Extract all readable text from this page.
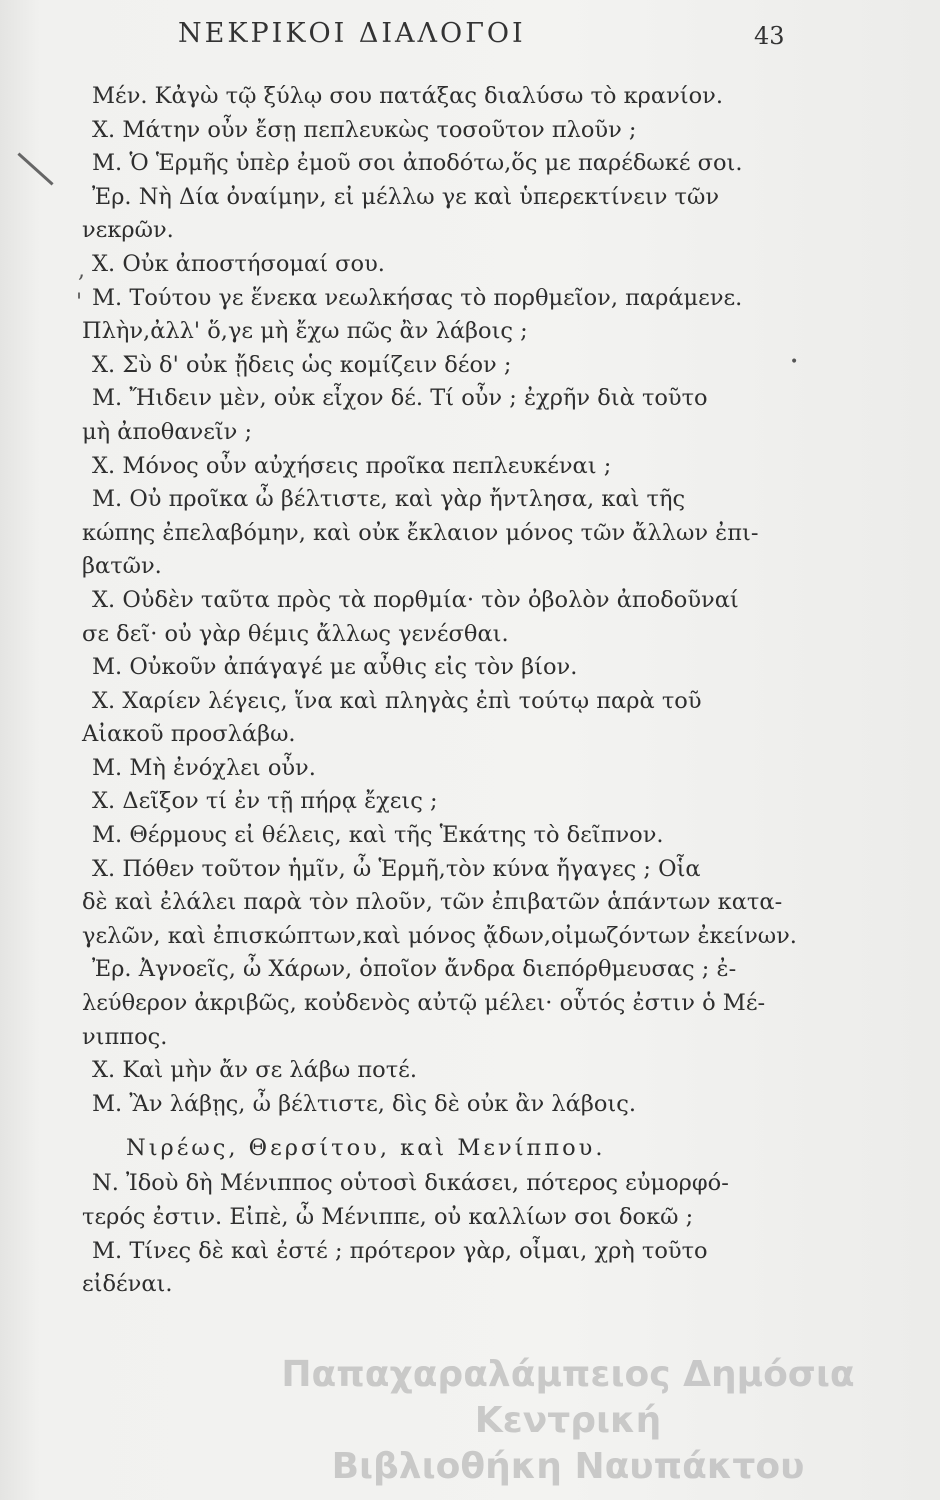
ΝΕΚΡΙΚΟΙ ΔΙΑΛΟΓΟΙ	43
,
'
•
Μέν. Κἀγὼ τῷ ξύλῳ σου πατάξας διαλύσω τὸ κρανίον.
Χ. Μάτην οὖν ἔσῃ πεπλευκὼς τοσοῦτον πλοῦν ;
Μ. Ὁ Ἑρμῆς ὑπὲρ ἐμοῦ σοι ἀποδότω,ὅς με παρέδωκέ σοι.
Ἐρ. Νὴ Δία ὀναίμην, εἰ μέλλω γε καὶ ὑπερεκτίνειν τῶν
νεκρῶν.
Χ. Οὐκ ἀποστήσομαί σου.
Μ. Τούτου γε ἕνεκα νεωλκήσας τὸ πορθμεῖον, παράμενε.
Πλὴν,ἀλλ' ὅ,γε μὴ ἔχω πῶς ἂν λάβοις ;
Χ. Σὺ δ' οὐκ ᾔδεις ὡς κομίζειν δέον ;
Μ. Ἤιδειν μὲν, οὐκ εἶχον δέ. Τί οὖν ; ἐχρῆν διὰ τοῦτο
μὴ ἀποθανεῖν ;
Χ. Μόνος οὖν αὐχήσεις προῖκα πεπλευκέναι ;
Μ. Οὐ προῖκα ὦ βέλτιστε, καὶ γὰρ ἤντλησα, καὶ τῆς
κώπης ἐπελαβόμην, καὶ οὐκ ἔκλαιον μόνος τῶν ἄλλων ἐπι-
βατῶν.
Χ. Οὐδὲν ταῦτα πρὸς τὰ πορθμία· τὸν ὀβολὸν ἀποδοῦναί
σε δεῖ· οὐ γὰρ θέμις ἄλλως γενέσθαι.
Μ. Οὐκοῦν ἀπάγαγέ με αὖθις εἰς τὸν βίον.
Χ. Χαρίεν λέγεις, ἵνα καὶ πληγὰς ἐπὶ τούτῳ παρὰ τοῦ
Αἰακοῦ προσλάβω.
Μ. Μὴ ἐνόχλει οὖν.
Χ. Δεῖξον τί ἐν τῇ πήρᾳ ἔχεις ;
Μ. Θέρμους εἰ θέλεις, καὶ τῆς Ἑκάτης τὸ δεῖπνον.
Χ. Πόθεν τοῦτον ἡμῖν, ὦ Ἑρμῆ,τὸν κύνα ἤγαγες ; Οἷα
δὲ καὶ ἐλάλει παρὰ τὸν πλοῦν, τῶν ἐπιβατῶν ἁπάντων κατα-
γελῶν, καὶ ἐπισκώπτων,καὶ μόνος ᾄδων,οἰμωζόντων ἐκείνων.
Ἐρ. Ἀγνοεῖς, ὦ Χάρων, ὁποῖον ἄνδρα διεπόρθμευσας ; ἐ-
λεύθερον ἀκριβῶς, κοὐδενὸς αὐτῷ μέλει· οὗτός ἐστιν ὁ Μέ-
νιππος.
Χ. Καὶ μὴν ἄν σε λάβω ποτέ.
Μ. Ἂν λάβῃς, ὦ βέλτιστε, δὶς δὲ οὐκ ἂν λάβοις.
Νιρέως, Θερσίτου, καὶ Μενίππου.
Ν. Ἰδοὺ δὴ Μένιππος οὑτοσὶ δικάσει, πότερος εὐμορφό-
τερός ἐστιν. Εἰπὲ, ὦ Μένιππε, οὐ καλλίων σοι δοκῶ ;
Μ. Τίνες δὲ καὶ ἐστέ ; πρότερον γὰρ, οἶμαι, χρὴ τοῦτο
εἰδέναι.
Παπαχαραλάμπειος Δημόσια Κεντρική
Βιβλιοθήκη Ναυπάκτου
